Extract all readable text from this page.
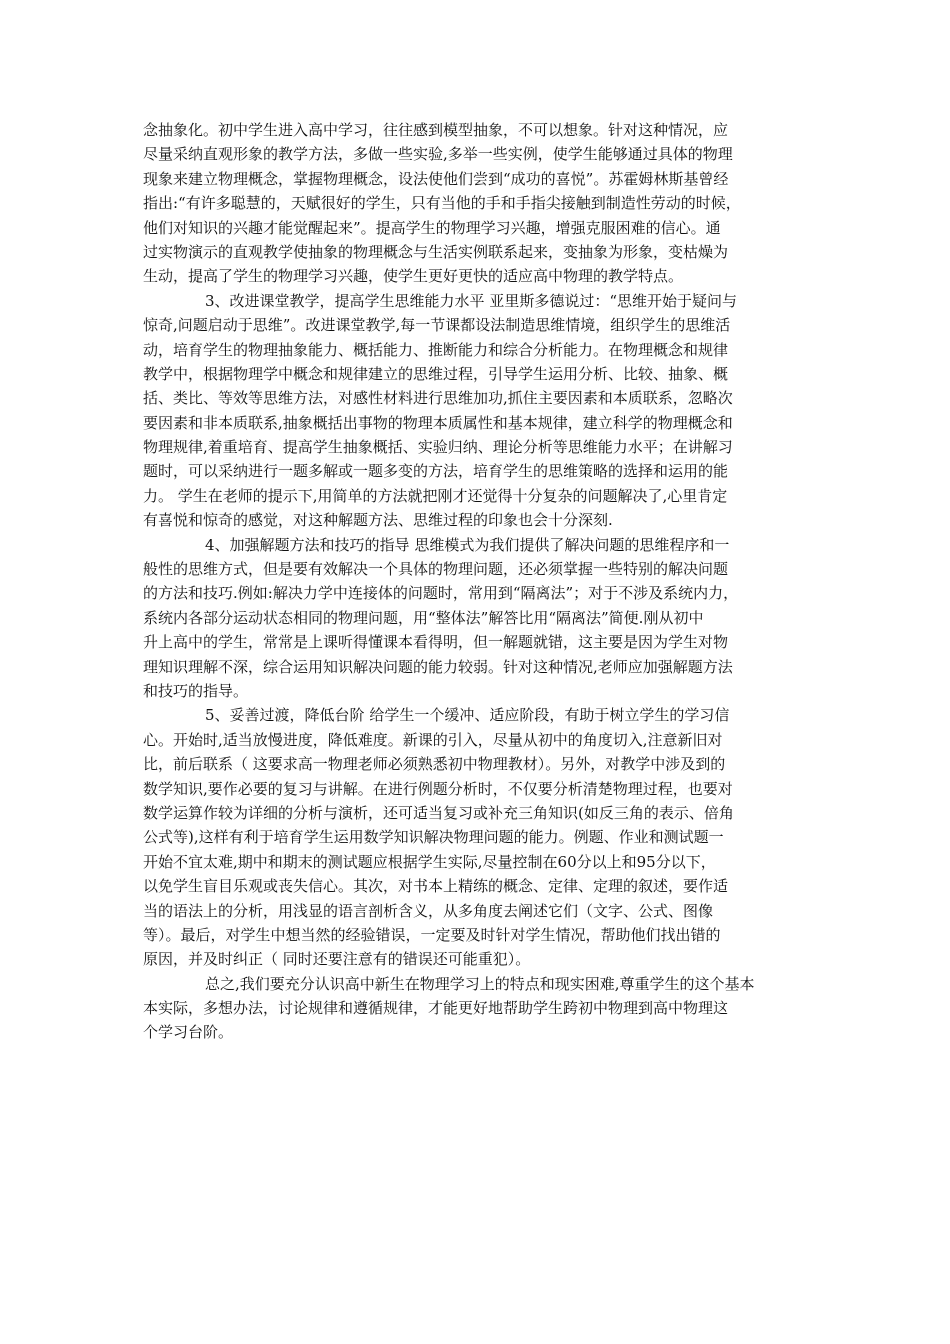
念抽象化。初中学生进入高中学习，往往感到模型抽象，不可以想象。针对这种情况，应
尽量采纳直观形象的教学方法，多做一些实验,多举一些实例，使学生能够通过具体的物理
现象来建立物理概念，掌握物理概念，设法使他们尝到“成功的喜悦”。苏霍姆林斯基曾经
指出:“有许多聪慧的，天赋很好的学生，只有当他的手和手指尖接触到制造性劳动的时候，
他们对知识的兴趣才能觉醒起来”。提高学生的物理学习兴趣，增强克服困难的信心。通
过实物演示的直观教学使抽象的物理概念与生活实例联系起来，变抽象为形象，变枯燥为
生动，提高了学生的物理学习兴趣，使学生更好更快的适应高中物理的教学特点。
3、改进课堂教学，提高学生思维能力水平 亚里斯多德说过：“思维开始于疑问与
惊奇,问题启动于思维”。改进课堂教学,每一节课都设法制造思维情境，组织学生的思维活
动，培育学生的物理抽象能力、概括能力、推断能力和综合分析能力。在物理概念和规律
教学中，根据物理学中概念和规律建立的思维过程，引导学生运用分析、比较、抽象、概
括、类比、等效等思维方法，对感性材料进行思维加功,抓住主要因素和本质联系，忽略次
要因素和非本质联系,抽象概括出事物的物理本质属性和基本规律，建立科学的物理概念和
物理规律,着重培育、提高学生抽象概括、实验归纳、理论分析等思维能力水平；在讲解习
题时，可以采纳进行一题多解或一题多变的方法，培育学生的思维策略的选择和运用的能
力。 学生在老师的提示下,用简单的方法就把刚才还觉得十分复杂的问题解决了,心里肯定
有喜悦和惊奇的感觉，对这种解题方法、思维过程的印象也会十分深刻.
4、加强解题方法和技巧的指导 思维模式为我们提供了解决问题的思维程序和一
般性的思维方式，但是要有效解决一个具体的物理问题，还必须掌握一些特别的解决问题
的方法和技巧.例如:解决力学中连接体的问题时，常用到“隔离法”；对于不涉及系统内力，
系统内各部分运动状态相同的物理问题，用“整体法”解答比用“隔离法”简便.刚从初中
升上高中的学生，常常是上课听得懂课本看得明，但一解题就错，这主要是因为学生对物
理知识理解不深，综合运用知识解决问题的能力较弱。针对这种情况,老师应加强解题方法
和技巧的指导。
5、妥善过渡，降低台阶 给学生一个缓冲、适应阶段，有助于树立学生的学习信
心。开始时,适当放慢进度，降低难度。新课的引入，尽量从初中的角度切入,注意新旧对
比，前后联系（ 这要求高一物理老师必须熟悉初中物理教材）。另外，对教学中涉及到的
数学知识,要作必要的复习与讲解。在进行例题分析时，不仅要分析清楚物理过程，也要对
数学运算作较为详细的分析与演析，还可适当复习或补充三角知识(如反三角的表示、倍角
公式等),这样有利于培育学生运用数学知识解决物理问题的能力。例题、作业和测试题一
开始不宜太难,期中和期末的测试题应根据学生实际,尽量控制在60分以上和95分以下，
以免学生盲目乐观或丧失信心。其次，对书本上精练的概念、定律、定理的叙述，要作适
当的语法上的分析，用浅显的语言剖析含义，从多角度去阐述它们（文字、公式、图像
等）。最后，对学生中想当然的经验错误，一定要及时针对学生情况，帮助他们找出错的
原因，并及时纠正（ 同时还要注意有的错误还可能重犯）。
总之,我们要充分认识高中新生在物理学习上的特点和现实困难,尊重学生的这个基本
本实际，多想办法，讨论规律和遵循规律，才能更好地帮助学生跨初中物理到高中物理这
个学习台阶。
